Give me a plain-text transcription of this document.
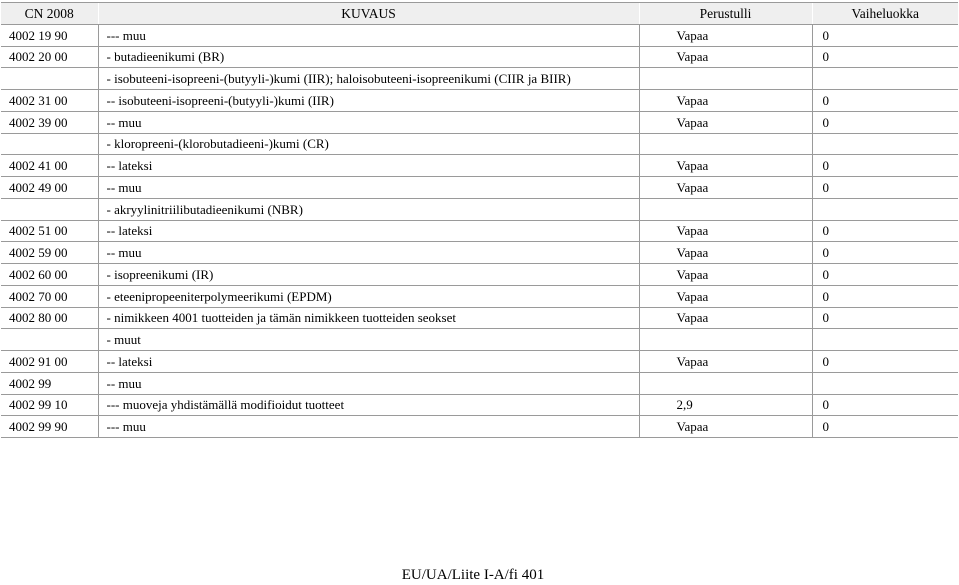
CN 2008	KUVAUS	Perustulli	Vaiheluokka
4002 19 90	--- muu	Vapaa	0
4002 20 00	- butadieenikumi (BR)	Vapaa	0
	- isobuteeni-isopreeni-(butyyli-)kumi (IIR); haloisobuteeni-isopreenikumi (CIIR ja BIIR)		
4002 31 00	-- isobuteeni-isopreeni-(butyyli-)kumi (IIR)	Vapaa	0
4002 39 00	-- muu	Vapaa	0
	- kloropreeni-(klorobutadieeni-)kumi (CR)		
4002 41 00	-- lateksi	Vapaa	0
4002 49 00	-- muu	Vapaa	0
	- akryylinitriilibutadieenikumi (NBR)		
4002 51 00	-- lateksi	Vapaa	0
4002 59 00	-- muu	Vapaa	0
4002 60 00	- isopreenikumi (IR)	Vapaa	0
4002 70 00	- eteenipropeeniterpolymeerikumi (EPDM)	Vapaa	0
4002 80 00	- nimikkeen 4001 tuotteiden ja tämän nimikkeen tuotteiden seokset	Vapaa	0
	- muut		
4002 91 00	-- lateksi	Vapaa	0
4002 99	-- muu		
4002 99 10	--- muoveja yhdistämällä modifioidut tuotteet	2,9	0
4002 99 90	--- muu	Vapaa	0
EU/UA/Liite I-A/fi 401
